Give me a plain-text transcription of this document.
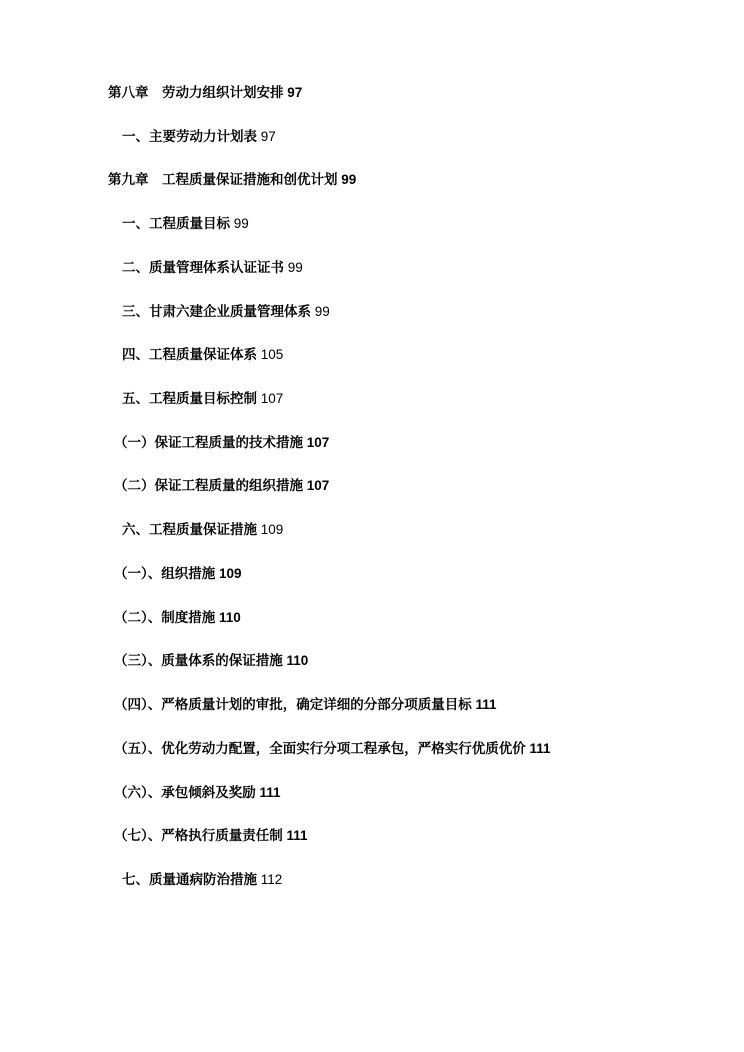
第八章 劳动力组织计划安排 97
一、主要劳动力计划表 97
第九章 工程质量保证措施和创优计划 99
一、工程质量目标 99
二、质量管理体系认证证书 99
三、甘肃六建企业质量管理体系 99
四、工程质量保证体系 105
五、工程质量目标控制 107
（一）保证工程质量的技术措施 107
（二）保证工程质量的组织措施 107
六、工程质量保证措施 109
（一）、组织措施 109
（二）、制度措施 110
（三）、质量体系的保证措施 110
（四）、严格质量计划的审批，确定详细的分部分项质量目标 111
（五）、优化劳动力配置，全面实行分项工程承包，严格实行优质优价 111
（六）、承包倾斜及奖励 111
（七）、严格执行质量责任制 111
七、质量通病防治措施 112
